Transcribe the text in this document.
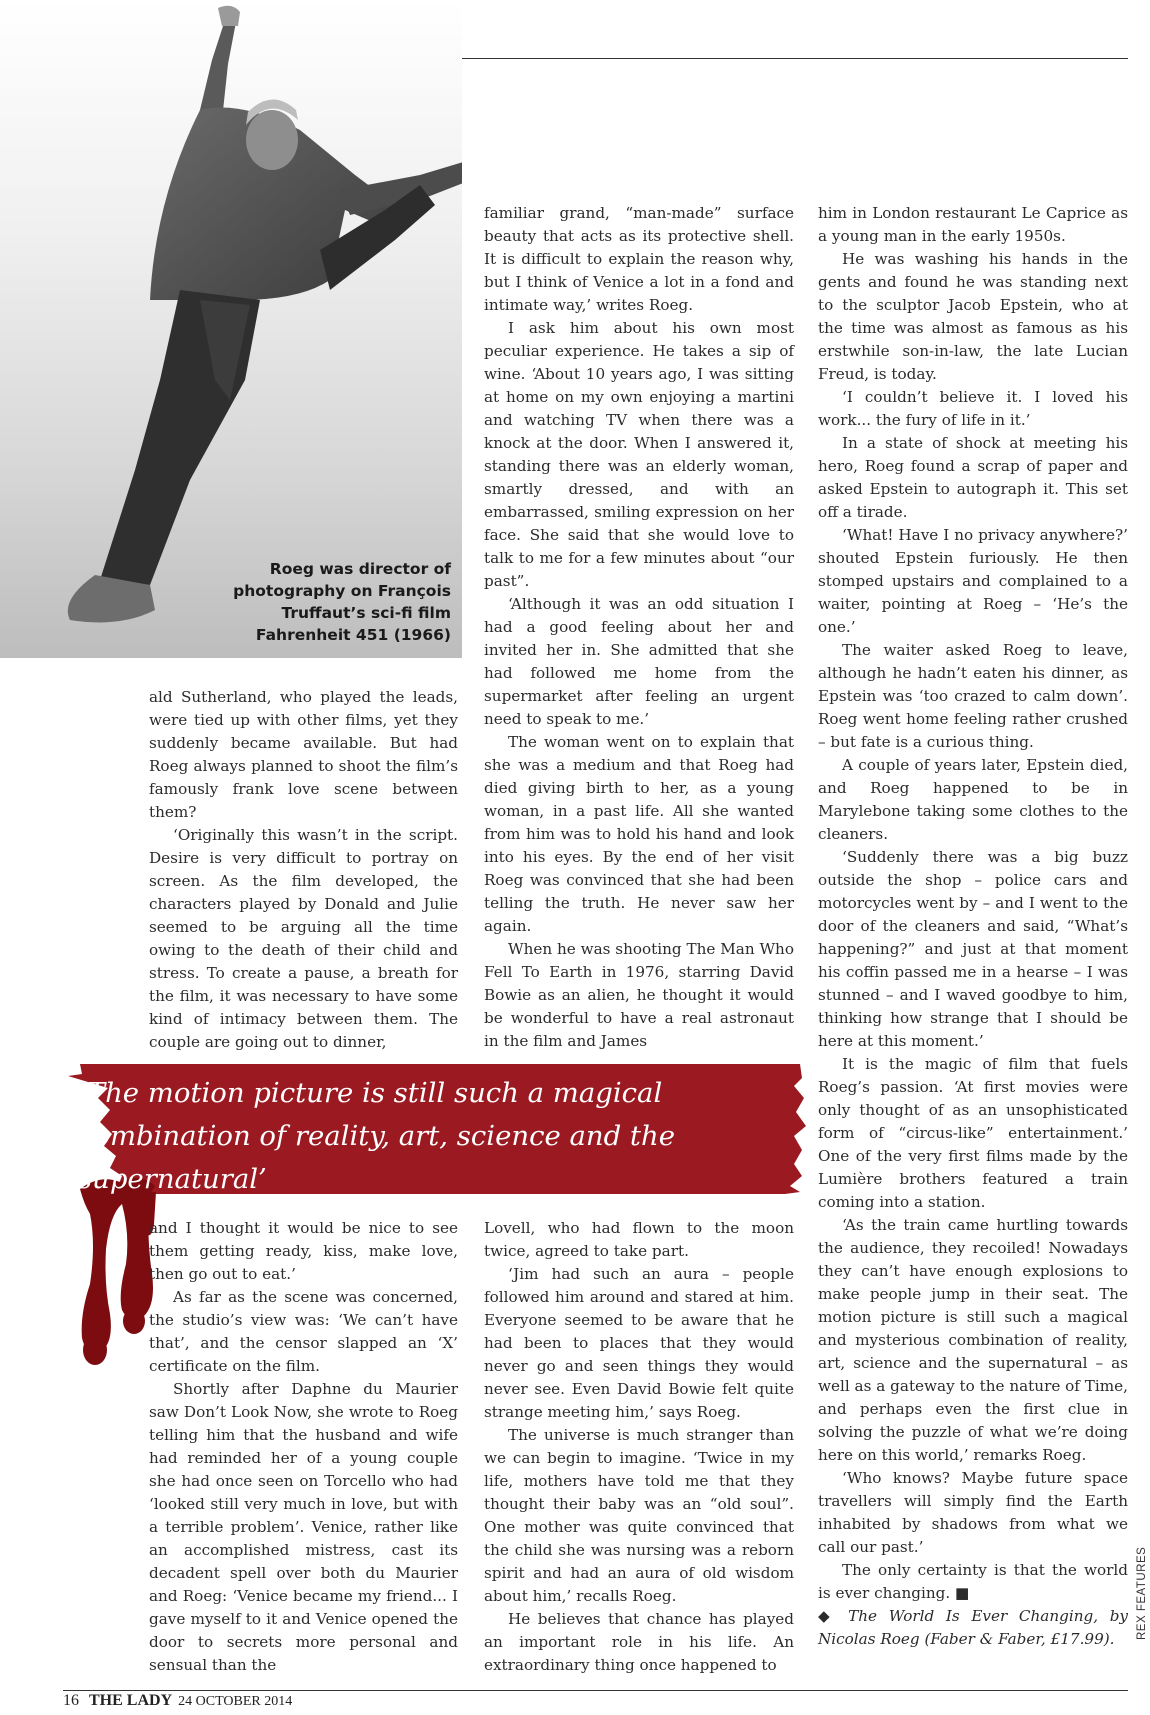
Roeg was director of photography on François Truffaut’s sci-fi film Fahrenheit 451 (1966)

ald Sutherland, who played the leads, were tied up with other films, yet they suddenly became available. But had Roeg always planned to shoot the film’s famously frank love scene between them?

‘Originally this wasn’t in the script. Desire is very difficult to portray on screen. As the film developed, the characters played by Donald and Julie seemed to be arguing all the time owing to the death of their child and stress. To create a pause, a breath for the film, it was necessary to have some kind of intimacy between them. The couple are going out to dinner,

familiar grand, “man-made” surface beauty that acts as its protective shell. It is difficult to explain the reason why, but I think of Venice a lot in a fond and intimate way,’ writes Roeg.

I ask him about his own most peculiar experience. He takes a sip of wine. ‘About 10 years ago, I was sitting at home on my own enjoying a martini and watching TV when there was a knock at the door. When I answered it, standing there was an elderly woman, smartly dressed, and with an embarrassed, smiling expression on her face. She said that she would love to talk to me for a few minutes about “our past”.

‘Although it was an odd situation I had a good feeling about her and invited her in. She admitted that she had followed me home from the supermarket after feeling an urgent need to speak to me.’

The woman went on to explain that she was a medium and that Roeg had died giving birth to her, as a young woman, in a past life. All she wanted from him was to hold his hand and look into his eyes. By the end of her visit Roeg was convinced that she had been telling the truth. He never saw her again.

When he was shooting The Man Who Fell To Earth in 1976, starring David Bowie as an alien, he thought it would be wonderful to have a real astronaut in the film and James

him in London restaurant Le Caprice as a young man in the early 1950s.

He was washing his hands in the gents and found he was standing next to the sculptor Jacob Epstein, who at the time was almost as famous as his erstwhile son-in-law, the late Lucian Freud, is today.

‘I couldn’t believe it. I loved his work... the fury of life in it.’

In a state of shock at meeting his hero, Roeg found a scrap of paper and asked Epstein to autograph it. This set off a tirade.

‘What! Have I no privacy anywhere?’ shouted Epstein furiously. He then stomped upstairs and complained to a waiter, pointing at Roeg – ‘He’s the one.’

The waiter asked Roeg to leave, although he hadn’t eaten his dinner, as Epstein was ‘too crazed to calm down’. Roeg went home feeling rather crushed – but fate is a curious thing.

A couple of years later, Epstein died, and Roeg happened to be in Marylebone taking some clothes to the cleaners.

‘Suddenly there was a big buzz outside the shop – police cars and motorcycles went by – and I went to the door of the cleaners and said, “What’s happening?” and just at that moment his coffin passed me in a hearse – I was stunned – and I waved goodbye to him, thinking how strange that I should be here at this moment.’

It is the magic of film that fuels Roeg’s passion. ‘At first movies were only thought of as an unsophisticated form of “circus-like” entertainment.’ One of the very first films made by the Lumière brothers featured a train coming into a station.

‘As the train came hurtling towards the audience, they recoiled! Nowadays they can’t have enough explosions to make people jump in their seat. The motion picture is still such a magical and mysterious combination of reality, art, science and the supernatural – as well as a gateway to the nature of Time, and perhaps even the first clue in solving the puzzle of what we’re doing here on this world,’ remarks Roeg.

‘Who knows? Maybe future space travellers will simply find the Earth inhabited by shadows from what we call our past.’

The only certainty is that the world is ever changing. ■

◆ The World Is Ever Changing, by Nicolas Roeg (Faber & Faber, £17.99).

‘The motion picture is still such a magical combination of reality, art, science and the supernatural’

and I thought it would be nice to see them getting ready, kiss, make love, then go out to eat.’

As far as the scene was concerned, the studio’s view was: ‘We can’t have that’, and the censor slapped an ‘X’ certificate on the film.

Shortly after Daphne du Maurier saw Don’t Look Now, she wrote to Roeg telling him that the husband and wife had reminded her of a young couple she had once seen on Torcello who had ‘looked still very much in love, but with a terrible problem’. Venice, rather like an accomplished mistress, cast its decadent spell over both du Maurier and Roeg: ‘Venice became my friend... I gave myself to it and Venice opened the door to secrets more personal and sensual than the

Lovell, who had flown to the moon twice, agreed to take part.

‘Jim had such an aura – people followed him around and stared at him. Everyone seemed to be aware that he had been to places that they would never go and seen things they would never see. Even David Bowie felt quite strange meeting him,’ says Roeg.

The universe is much stranger than we can begin to imagine. ‘Twice in my life, mothers have told me that they thought their baby was an “old soul”. One mother was quite convinced that the child she was nursing was a reborn spirit and had an aura of old wisdom about him,’ recalls Roeg.

He believes that chance has played an important role in his life. An extraordinary thing once happened to

REX FEATURES
16 THE LADY 24 OCTOBER 2014
